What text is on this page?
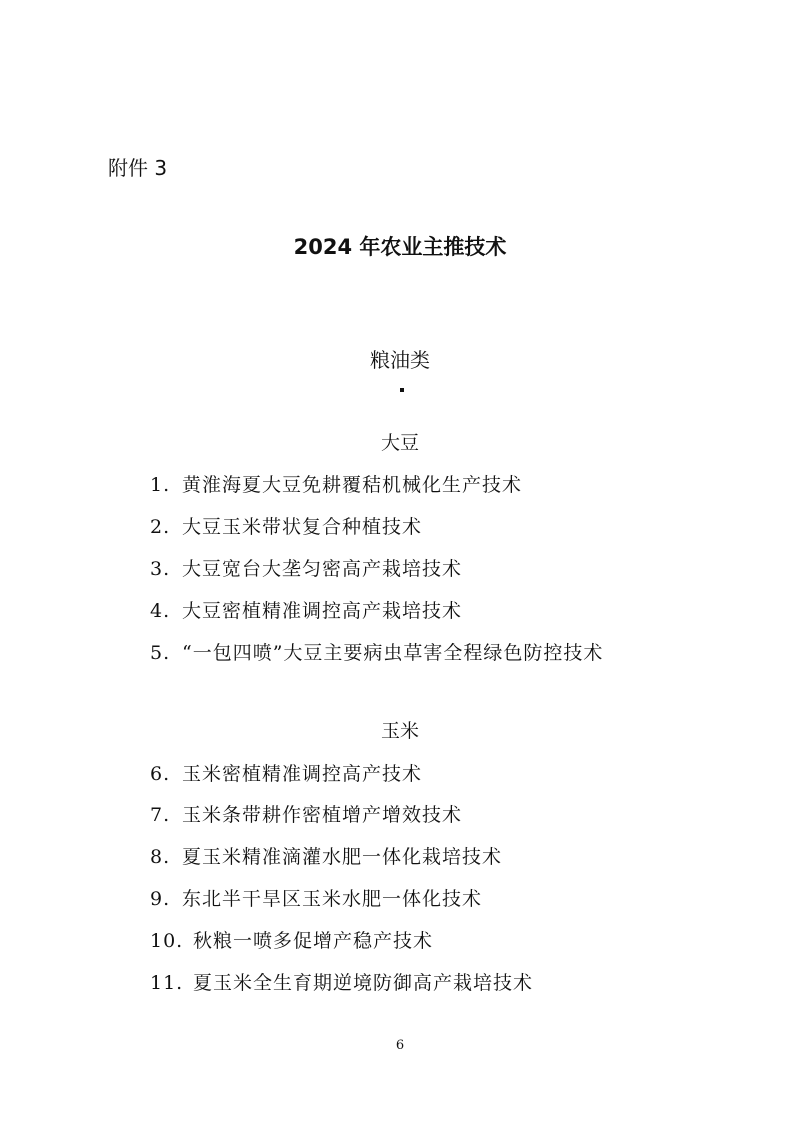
附件 3
2024 年农业主推技术
粮油类
大豆
1. 黄淮海夏大豆免耕覆秸机械化生产技术
2. 大豆玉米带状复合种植技术
3. 大豆宽台大垄匀密高产栽培技术
4. 大豆密植精准调控高产栽培技术
5. “一包四喷”大豆主要病虫草害全程绿色防控技术
玉米
6. 玉米密植精准调控高产技术
7. 玉米条带耕作密植增产增效技术
8. 夏玉米精准滴灌水肥一体化栽培技术
9. 东北半干旱区玉米水肥一体化技术
10. 秋粮一喷多促增产稳产技术
11. 夏玉米全生育期逆境防御高产栽培技术
6
